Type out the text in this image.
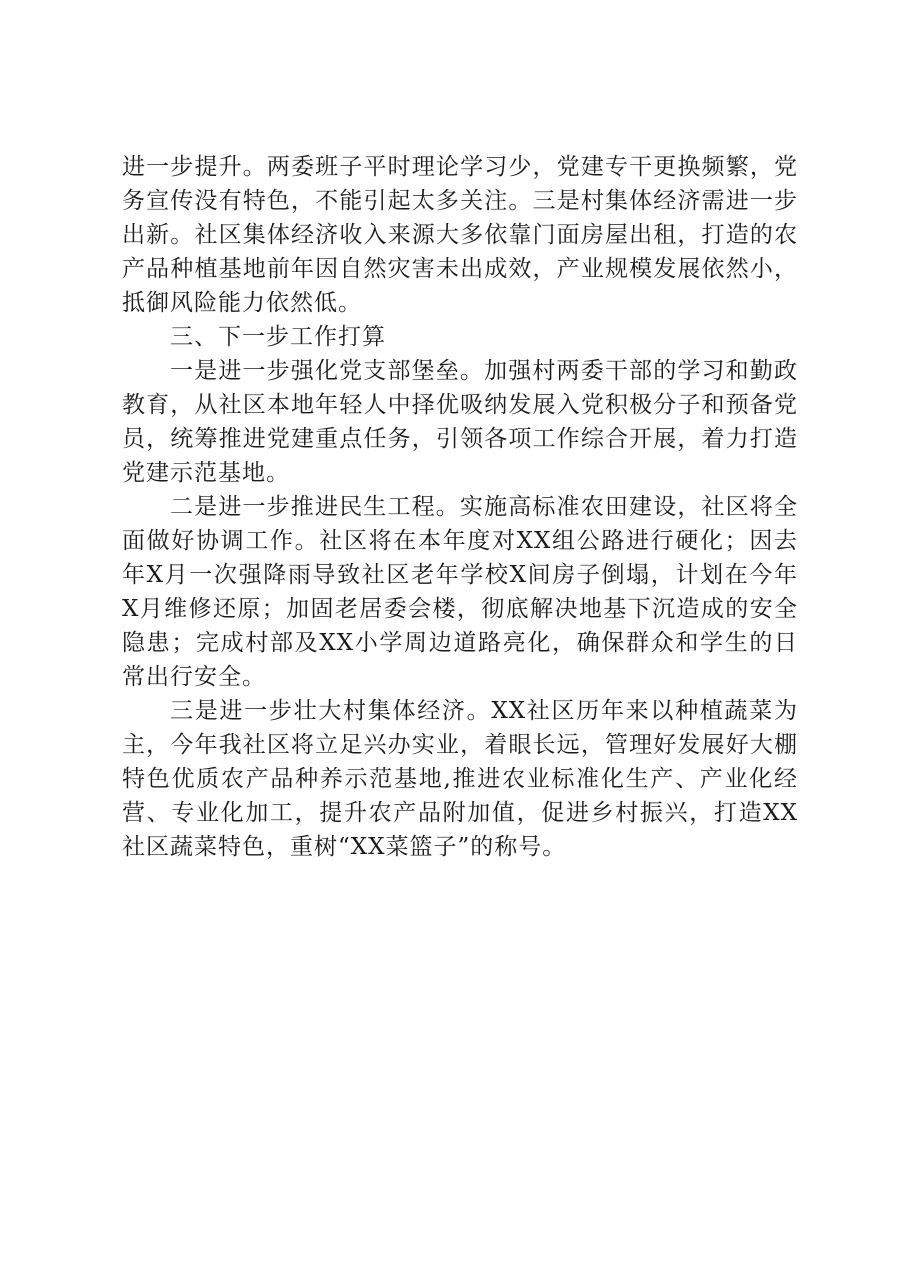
进一步提升。两委班子平时理论学习少，党建专干更换频繁，党务宣传没有特色，不能引起太多关注。三是村集体经济需进一步出新。社区集体经济收入来源大多依靠门面房屋出租，打造的农产品种植基地前年因自然灾害未出成效，产业规模发展依然小，抵御风险能力依然低。

三、下一步工作打算

一是进一步强化党支部堡垒。加强村两委干部的学习和勤政教育，从社区本地年轻人中择优吸纳发展入党积极分子和预备党员，统筹推进党建重点任务，引领各项工作综合开展，着力打造党建示范基地。

二是进一步推进民生工程。实施高标准农田建设，社区将全面做好协调工作。社区将在本年度对XX组公路进行硬化；因去年X月一次强降雨导致社区老年学校X间房子倒塌，计划在今年X月维修还原；加固老居委会楼，彻底解决地基下沉造成的安全隐患；完成村部及XX小学周边道路亮化，确保群众和学生的日常出行安全。

三是进一步壮大村集体经济。XX社区历年来以种植蔬菜为主，今年我社区将立足兴办实业，着眼长远，管理好发展好大棚特色优质农产品种养示范基地,推进农业标准化生产、产业化经营、专业化加工，提升农产品附加值，促进乡村振兴，打造XX社区蔬菜特色，重树“XX菜篮子”的称号。
